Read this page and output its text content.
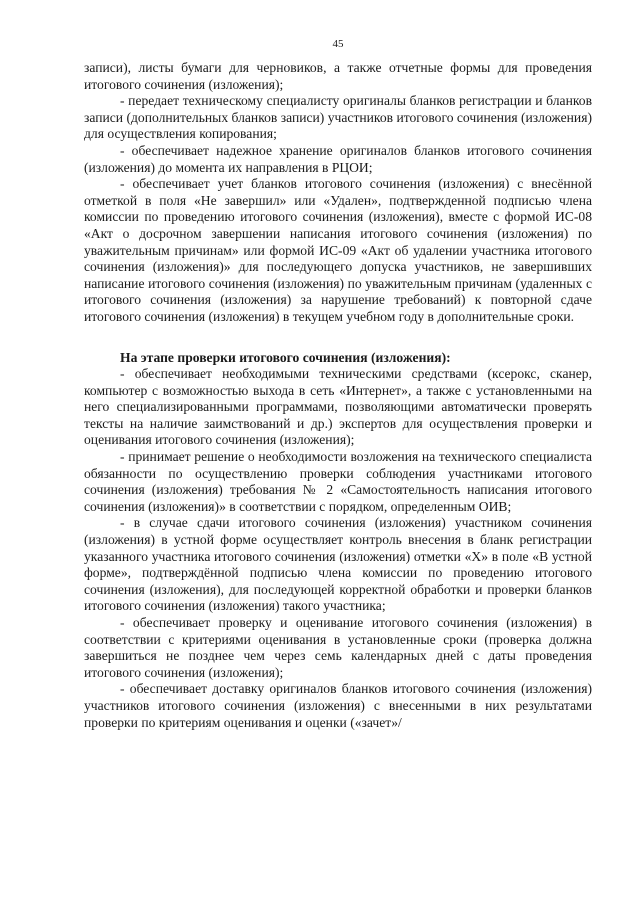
45

записи), листы бумаги для черновиков, а также отчетные формы для проведения итогового сочинения (изложения);

- передает техническому специалисту оригиналы бланков регистрации и бланков записи (дополнительных бланков записи) участников итогового сочинения (изложения) для осуществления копирования;

- обеспечивает надежное хранение оригиналов бланков итогового сочинения (изложения) до момента их направления в РЦОИ;

- обеспечивает учет бланков итогового сочинения (изложения) с внесённой отметкой в поля «Не завершил» или «Удален», подтвержденной подписью члена комиссии по проведению итогового сочинения (изложения), вместе с формой ИС-08 «Акт о досрочном завершении написания итогового сочинения (изложения) по уважительным причинам» или формой ИС-09 «Акт об удалении участника итогового сочинения (изложения)» для последующего допуска участников, не завершивших написание итогового сочинения (изложения) по уважительным причинам (удаленных с итогового сочинения (изложения) за нарушение требований) к повторной сдаче итогового сочинения (изложения) в текущем учебном году в дополнительные сроки.

На этапе проверки итогового сочинения (изложения):

- обеспечивает необходимыми техническими средствами (ксерокс, сканер, компьютер с возможностью выхода в сеть «Интернет», а также с установленными на него специализированными программами, позволяющими автоматически проверять тексты на наличие заимствований и др.) экспертов для осуществления проверки и оценивания итогового сочинения (изложения);

- принимает решение о необходимости возложения на технического специалиста обязанности по осуществлению проверки соблюдения участниками итогового сочинения (изложения) требования № 2 «Самостоятельность написания итогового сочинения (изложения)» в соответствии с порядком, определенным ОИВ;

- в случае сдачи итогового сочинения (изложения) участником сочинения (изложения) в устной форме осуществляет контроль внесения в бланк регистрации указанного участника итогового сочинения (изложения) отметки «Х» в поле «В устной форме», подтверждённой подписью члена комиссии по проведению итогового сочинения (изложения), для последующей корректной обработки и проверки бланков итогового сочинения (изложения) такого участника;

- обеспечивает проверку и оценивание итогового сочинения (изложения) в соответствии с критериями оценивания в установленные сроки (проверка должна завершиться не позднее чем через семь календарных дней с даты проведения итогового сочинения (изложения);

- обеспечивает доставку оригиналов бланков итогового сочинения (изложения) участников итогового сочинения (изложения) с внесенными в них результатами проверки по критериям оценивания и оценки («зачет»/
